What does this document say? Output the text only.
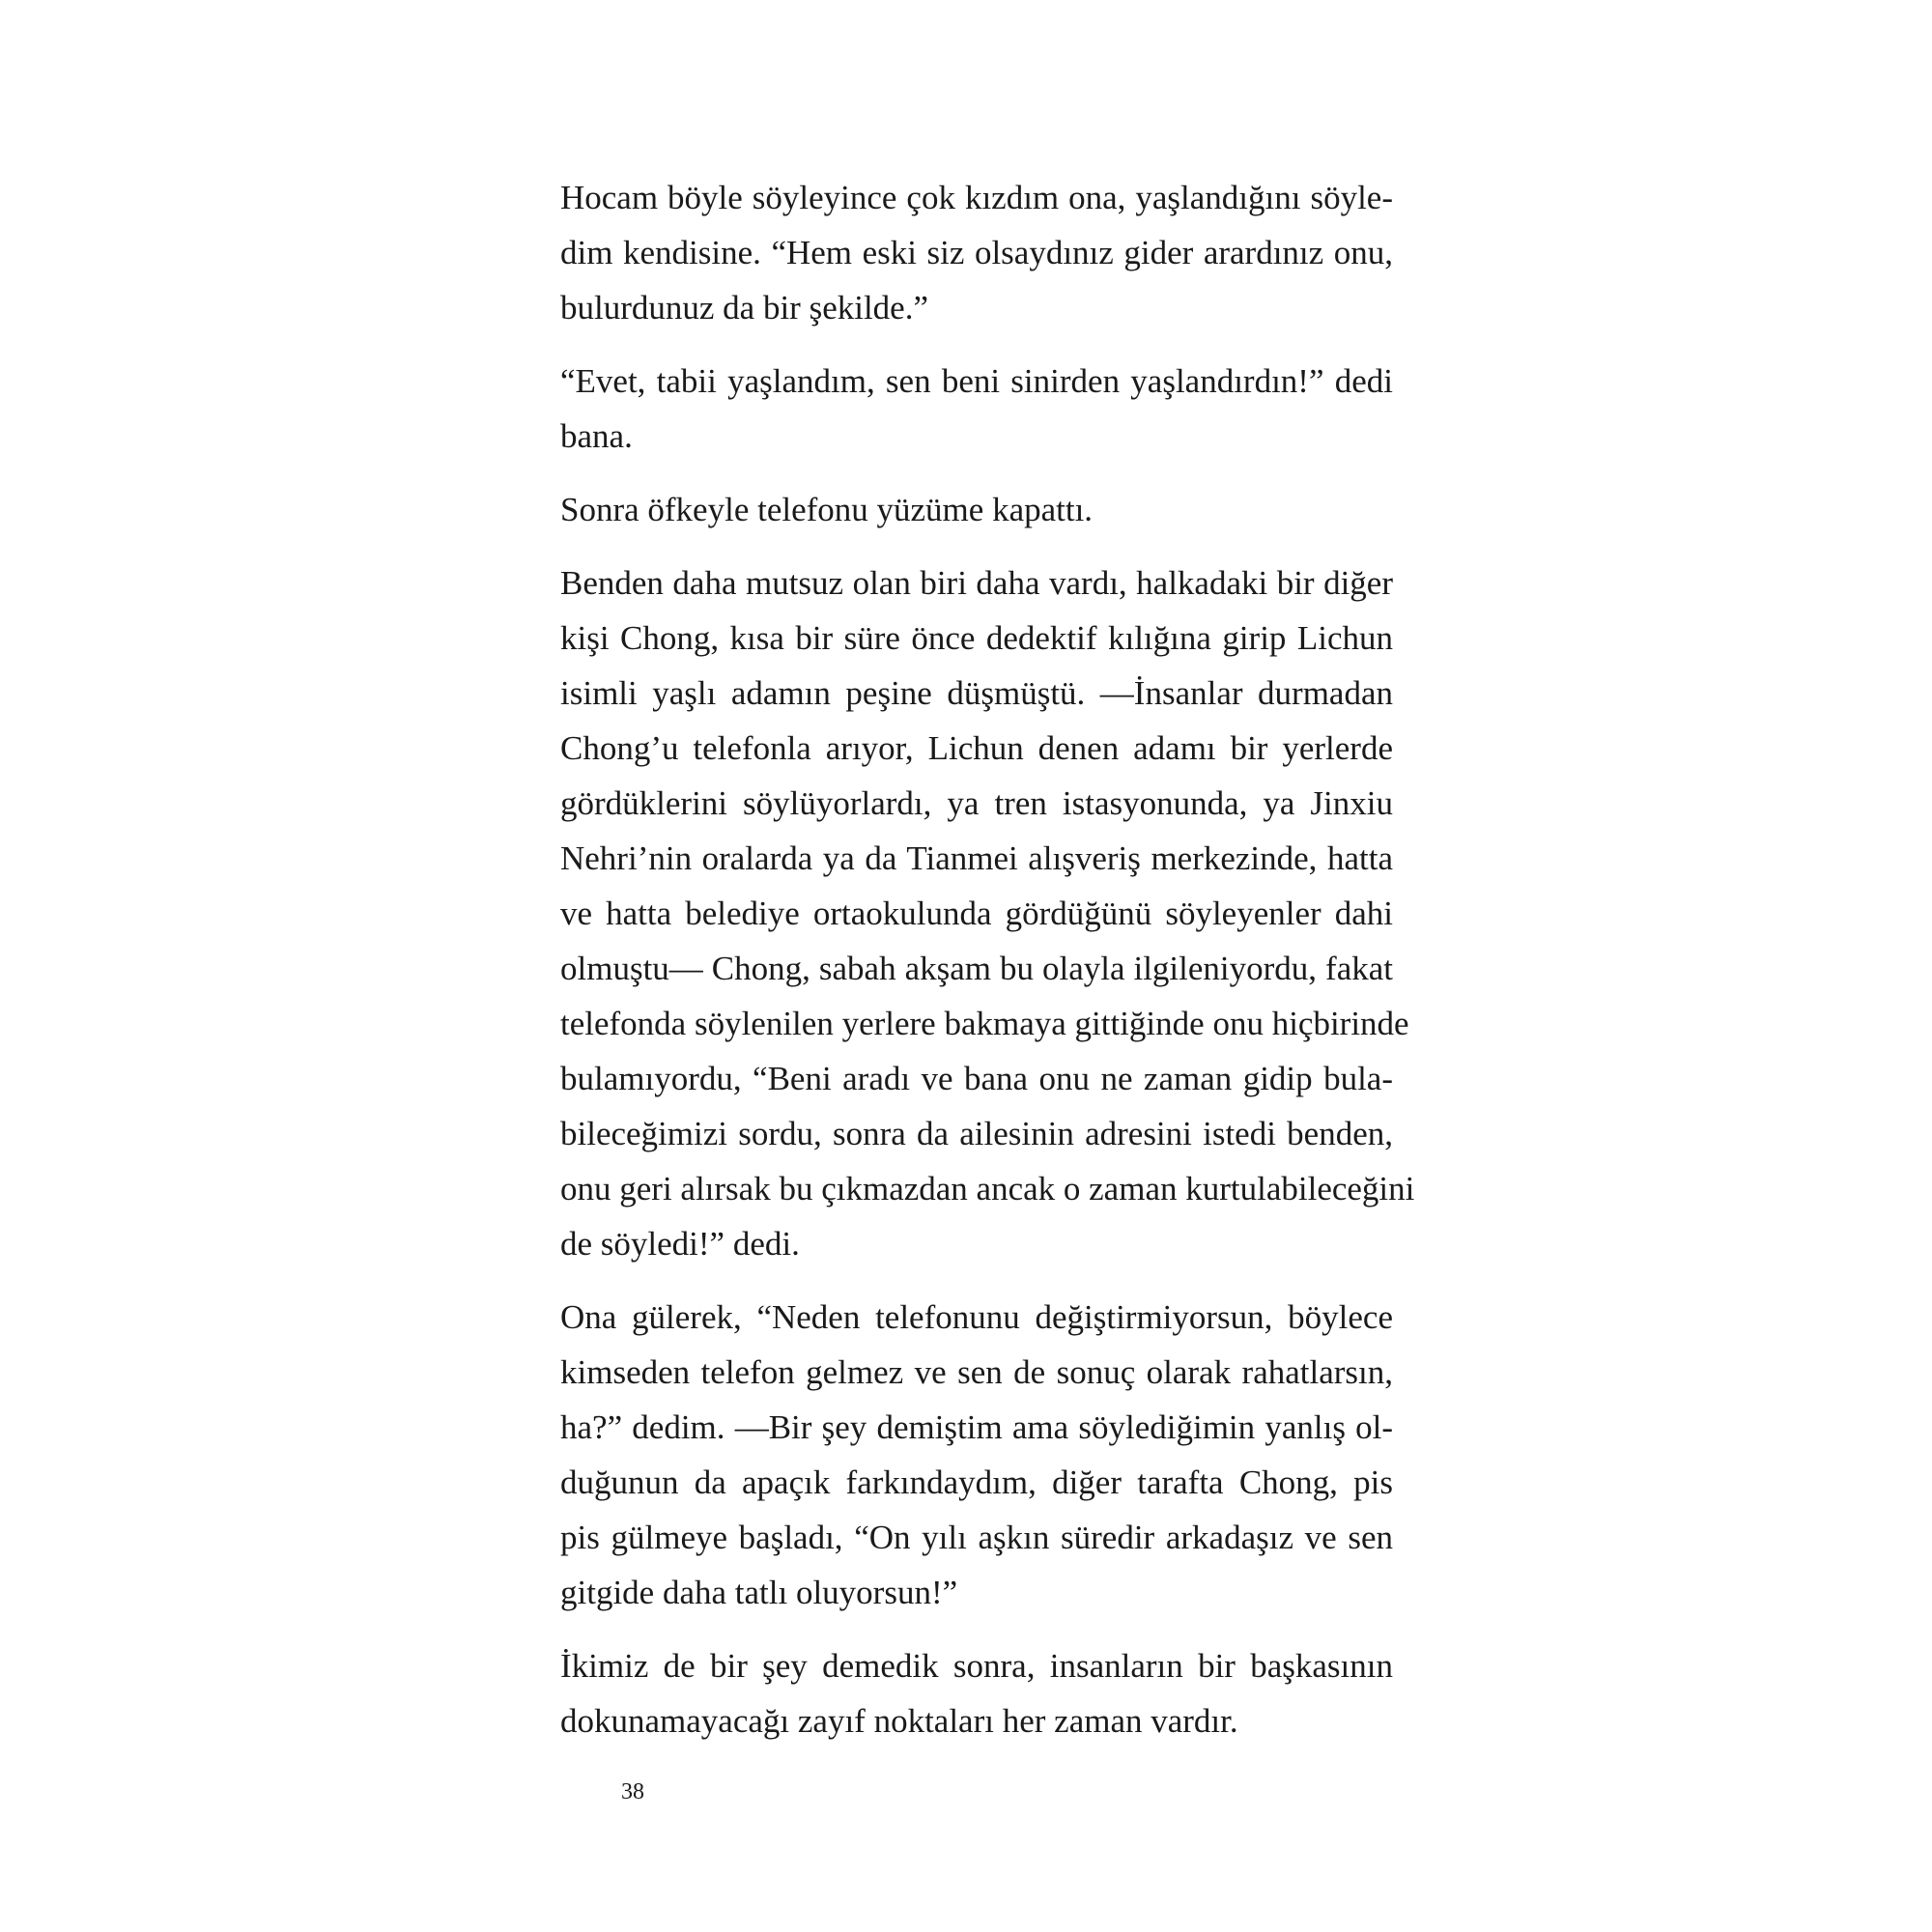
Hocam böyle söyleyince çok kızdım ona, yaşlandığını söyle-
dim kendisine. “Hem eski siz olsaydınız gider arardınız onu,
bulurdunuz da bir şekilde.”

“Evet, tabii yaşlandım, sen beni sinirden yaşlandırdın!” dedi
bana.

Sonra öfkeyle telefonu yüzüme kapattı.

Benden daha mutsuz olan biri daha vardı, halkadaki bir diğer
kişi Chong, kısa bir süre önce dedektif kılığına girip Lichun
isimli yaşlı adamın peşine düşmüştü. —İnsanlar durmadan
Chong’u telefonla arıyor, Lichun denen adamı bir yerlerde
gördüklerini söylüyorlardı, ya tren istasyonunda, ya Jinxiu
Nehri’nin oralarda ya da Tianmei alışveriş merkezinde, hatta
ve hatta belediye ortaokulunda gördüğünü söyleyenler dahi
olmuştu— Chong, sabah akşam bu olayla ilgileniyordu, fakat
telefonda söylenilen yerlere bakmaya gittiğinde onu hiçbirinde
bulamıyordu, “Beni aradı ve bana onu ne zaman gidip bula-
bileceğimizi sordu, sonra da ailesinin adresini istedi benden,
onu geri alırsak bu çıkmazdan ancak o zaman kurtulabileceğini
de söyledi!” dedi.

Ona gülerek, “Neden telefonunu değiştirmiyorsun, böylece
kimseden telefon gelmez ve sen de sonuç olarak rahatlarsın,
ha?” dedim. —Bir şey demiştim ama söylediğimin yanlış ol-
duğunun da apaçık farkındaydım, diğer tarafta Chong, pis
pis gülmeye başladı, “On yılı aşkın süredir arkadaşız ve sen
gitgide daha tatlı oluyorsun!”

İkimiz de bir şey demedik sonra, insanların bir başkasının
dokunamayacağı zayıf noktaları her zaman vardır.

38
